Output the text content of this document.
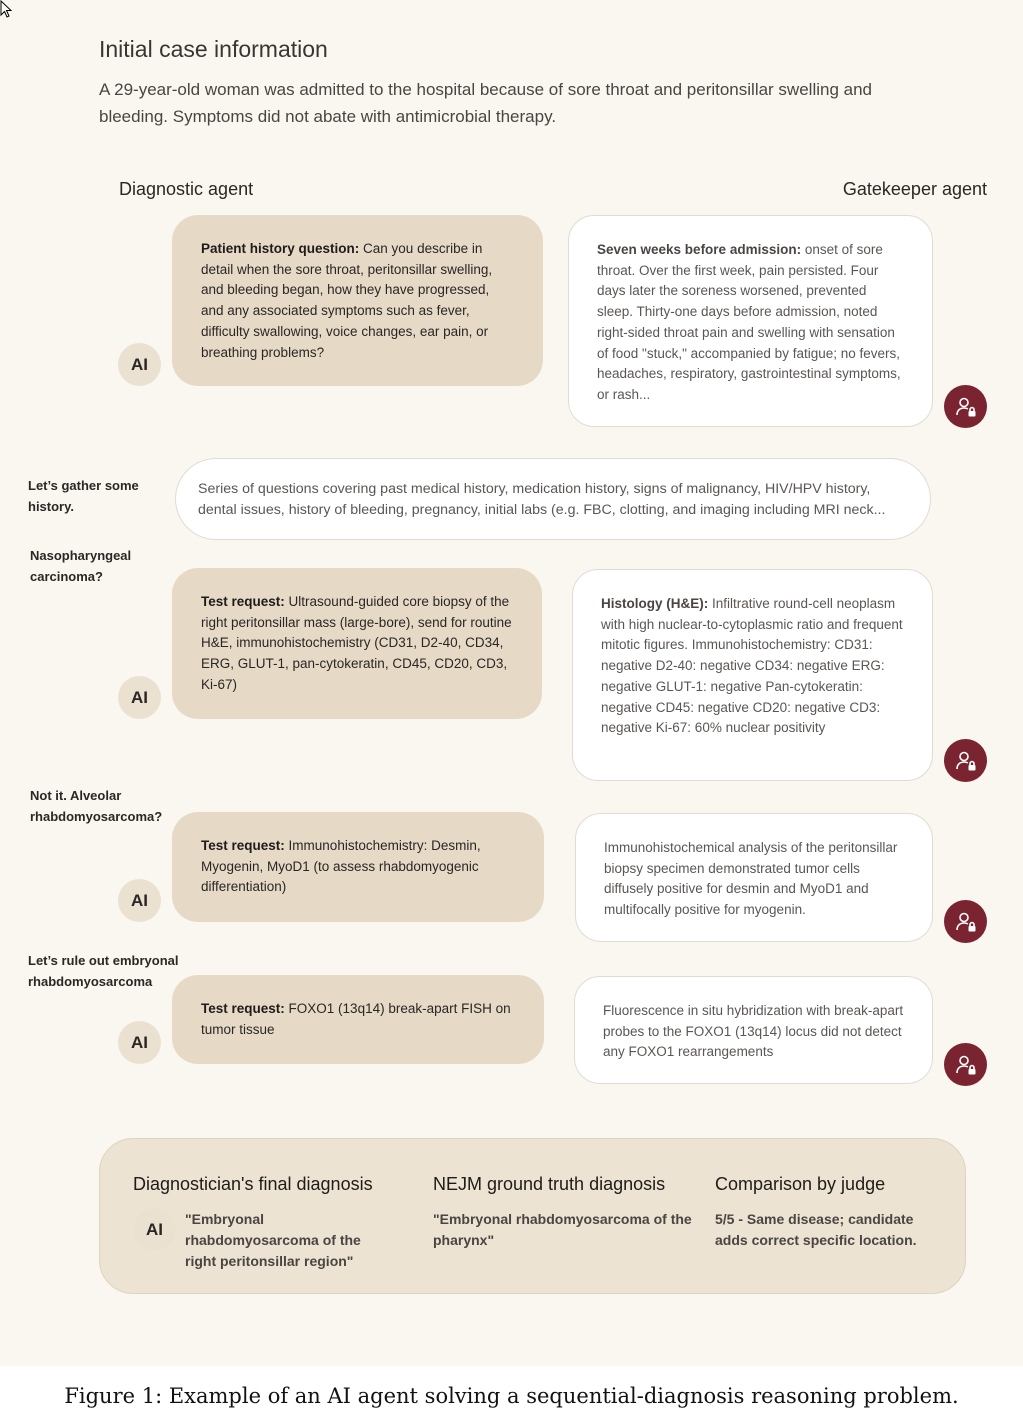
Initial case information

A 29-year-old woman was admitted to the hospital because of sore throat and peritonsillar swelling and bleeding. Symptoms did not abate with antimicrobial therapy.

Diagnostic agent	Gatekeeper agent
Patient history question: Can you describe in detail when the sore throat, peritonsillar swelling, and bleeding began, how they have progressed, and any associated symptoms such as fever, difficulty swallowing, voice changes, ear pain, or breathing problems?
AI
Seven weeks before admission: onset of sore throat. Over the first week, pain persisted. Four days later the soreness worsened, prevented sleep. Thirty-one days before admission, noted right-sided throat pain and swelling with sensation of food "stuck," accompanied by fatigue; no fevers, headaches, respiratory, gastrointestinal symptoms, or rash...
Let’s gather some history.
Series of questions covering past medical history, medication history, signs of malignancy, HIV/HPV history,
dental issues, history of bleeding, pregnancy, initial labs (e.g. FBC, clotting, and imaging including MRI neck...
Nasopharyngeal carcinoma?
Test request: Ultrasound-guided core biopsy of the right peritonsillar mass (large-bore), send for routine H&E, immunohistochemistry (CD31, D2-40, CD34, ERG, GLUT-1, pan-cytokeratin, CD45, CD20, CD3, Ki-67)
AI
Histology (H&E): Infiltrative round-cell neoplasm with high nuclear-to-cytoplasmic ratio and frequent mitotic figures. Immunohistochemistry: CD31: negative D2-40: negative CD34: negative ERG: negative GLUT-1: negative Pan-cytokeratin: negative CD45: negative CD20: negative CD3: negative Ki-67: 60% nuclear positivity
Not it. Alveolar rhabdomyosarcoma?
Test request: Immunohistochemistry: Desmin, Myogenin, MyoD1 (to assess rhabdomyogenic differentiation)
AI
Immunohistochemical analysis of the peritonsillar biopsy specimen demonstrated tumor cells diffusely positive for desmin and MyoD1 and multifocally positive for myogenin.
Let’s rule out embryonal rhabdomyosarcoma
Test request: FOXO1 (13q14) break-apart FISH on tumor tissue
AI
Fluorescence in situ hybridization with break-apart probes to the FOXO1 (13q14) locus did not detect any FOXO1 rearrangements
Diagnostician's final diagnosis
AI
"Embryonal rhabdomyosarcoma of the right peritonsillar region"
NEJM ground truth diagnosis
"Embryonal rhabdomyosarcoma of the pharynx"
Comparison by judge
5/5 - Same disease; candidate adds correct specific location.
Figure 1: Example of an AI agent solving a sequential-diagnosis reasoning problem.
